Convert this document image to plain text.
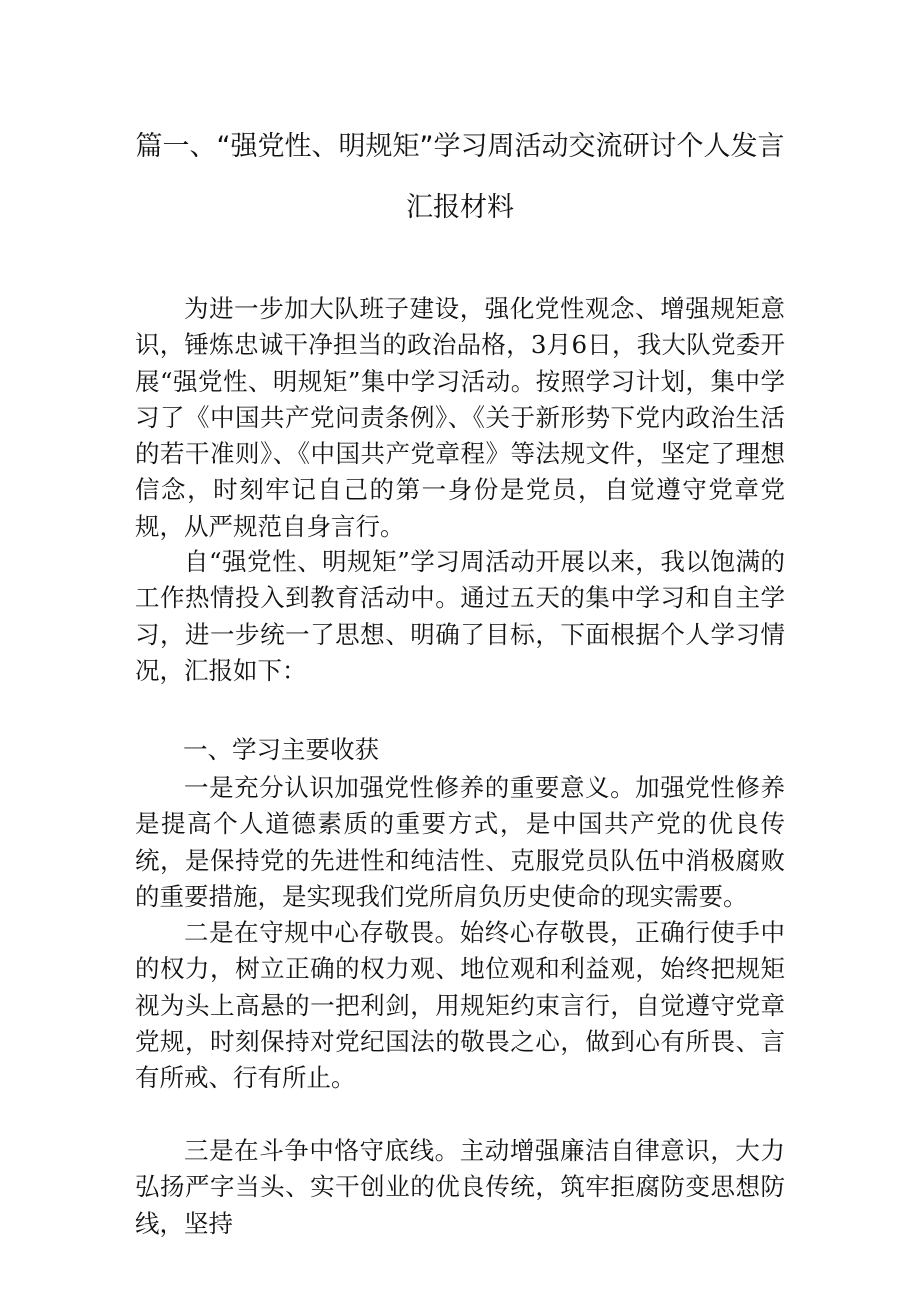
篇一、“强党性、明规矩”学习周活动交流研讨个人发言
汇报材料

为进一步加大队班子建设，强化党性观念、增强规矩意识，锤炼忠诚干净担当的政治品格，3月6日，我大队党委开展“强党性、明规矩”集中学习活动。按照学习计划，集中学习了《中国共产党问责条例》、《关于新形势下党内政治生活的若干准则》、《中国共产党章程》等法规文件，坚定了理想信念，时刻牢记自己的第一身份是党员，自觉遵守党章党规，从严规范自身言行。

自“强党性、明规矩”学习周活动开展以来，我以饱满的工作热情投入到教育活动中。通过五天的集中学习和自主学习，进一步统一了思想、明确了目标，下面根据个人学习情况，汇报如下：

一、学习主要收获

一是充分认识加强党性修养的重要意义。加强党性修养是提高个人道德素质的重要方式，是中国共产党的优良传统，是保持党的先进性和纯洁性、克服党员队伍中消极腐败的重要措施，是实现我们党所肩负历史使命的现实需要。

二是在守规中心存敬畏。始终心存敬畏，正确行使手中的权力，树立正确的权力观、地位观和利益观，始终把规矩视为头上高悬的一把利剑，用规矩约束言行，自觉遵守党章党规，时刻保持对党纪国法的敬畏之心，做到心有所畏、言有所戒、行有所止。

三是在斗争中恪守底线。主动增强廉洁自律意识，大力弘扬严字当头、实干创业的优良传统，筑牢拒腐防变思想防线，坚持
